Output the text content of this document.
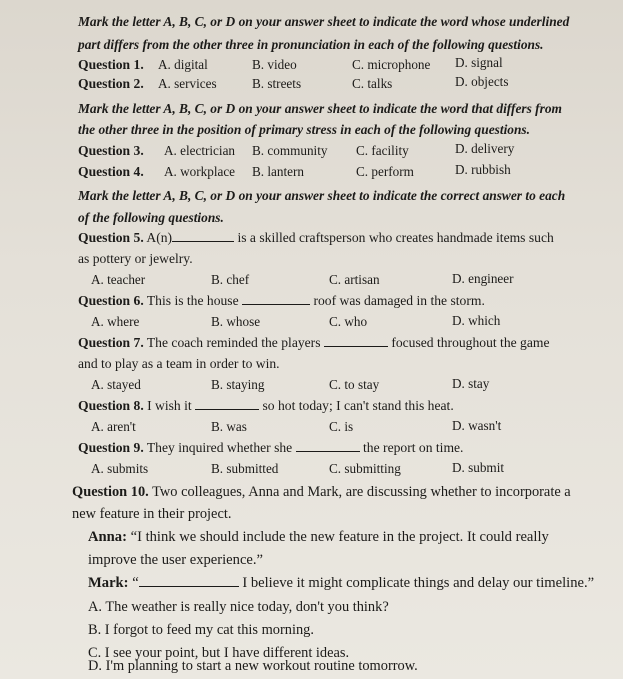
Mark the letter A, B, C, or D on your answer sheet to indicate the word whose underlined
part differs from the other three in pronunciation in each of the following questions.
Question 1. A. digital	B. video	C. microphone D. signal
Question 2. A. services	B. streets	C. talks	D. objects
Mark the letter A, B, C, or D on your answer sheet to indicate the word that differs from
the other three in the position of primary stress in each of the following questions.
Question 3. A. electrician B. community C. facility	D. delivery
Question 4. A. workplace B. lantern	C. perform	D. rubbish
Mark the letter A, B, C, or D on your answer sheet to indicate the correct answer to each
of the following questions.
Question 5. A(n)	is a skilled craftsperson who creates handmade items such
as pottery or jewelry.
A. teacher	B. chef	C. artisan	D. engineer
Question 6. This is the house	roof was damaged in the storm.
A. where	B. whose	C. who	D. which
Question 7. The coach reminded the players	focused throughout the game
and to play as a team in order to win.
A. stayed	B. staying	C. to stay	D. stay
Question 8. I wish it	so hot today; I can't stand this heat.
A. aren't	B. was	C. is	D. wasn't
Question 9. They inquired whether she	the report on time.
A. submits	B. submitted	C. submitting	D. submit
Question 10. Two colleagues, Anna and Mark, are discussing whether to incorporate a
new feature in their project.
Anna: “I think we should include the new feature in the project. It could really
improve the user experience.”
Mark: “	I believe it might complicate things and delay our timeline.”
A. The weather is really nice today, don't you think?
B. I forgot to feed my cat this morning.
C. I see your point, but I have different ideas.
D. I'm planning to start a new workout routine tomorrow.
